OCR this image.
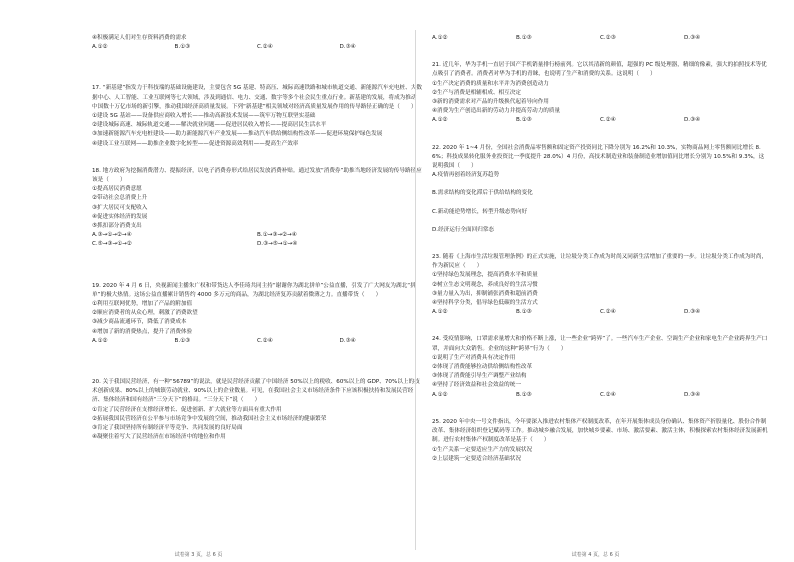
④积极满足人们对生存资料消费的需求

A.①②	B.①③	C.②④	D.③④

17. “新基建”指发力于科技端的基础设施建设，主要包含 5G 基建、特高压、城际高速铁路和城市轨道交通、新能源汽车充电桩、大数据中心、人工智能、工业互联网等七大领域，涉及到通信、电力、交通、数字等多个社会民生重点行业。新基建的发展，将成为推动中国数十万亿市场的新引擎，推动我国经济高质量发展。下列“新基建”相关领域对经济高质量发展作用的传导路径正确的是（　　）

①建设 5G 基站——设备供应商收入增长——推动高新技术发展——筑牢万物互联坚实基础

②建设城际高速、城际轨道交通——解决就业问题——促进居民收入增长——提高居民生活水平

③加速新能源汽车充电桩建设——助力新能源汽车产业发展——推动汽车供给侧结构性改革——促进环境保护绿色发展

④建设工业互联网——助推企业数字化转型——促进资源高效利用——提高生产效率

18. 地方政府为挖掘消费潜力、提振经济，以电子消费券形式给居民发放消费补贴。通过发放“消费券”助推当地经济发展的传导路径应该是（　　）

①提高居民消费意愿

②带动社会总消费上升

③扩大居民可支配收入

④促进实体经济的发展

⑤抓扣部分消费支出

A.③→①→②→④	B.①→③→②→④
C.⑤→③→①→②	D.③→⑤→①→④

19. 2020 年 4 月 6 日，央视新闻主播朱广权和带货达人李佳琦共同主持“谢谢你为湖北拼单”公益直播，引发了广大网友为湖北“拼单”的极大热情。这场公益直播累计销售约 4000 多万元的商品，为湖北经济复苏贡献着微薄之力。直播带货（　　）

①利用互联网优势，增加了产品的附加值

②顺应消费者的从众心理，刺激了消费欲望

③减少商品流通环节，降低了消费成本

④增加了新的消费热点，提升了消费体验

A.①②	B.①③	C.②④	D.③④

20. 关于我国民营经济，有一种“56789”的说法，就是民营经济贡献了中国经济 50%以上的税收、60%以上的 GDP、70%以上的技术创新成果、80%以上的城镇劳动就业、90%以上的企业数量。可见，在我国社会主义市场经济条件下应该积极扶持和发展民营经济、集体经济和国有经济“三分天下”的格局。“三分天下”说（　　）

①肯定了民营经济在支撑经济增长、促进创新、扩大就业等方面具有重大作用

②拓展我国民营经济在公平参与市场竞争中发展的空间，推动我国社会主义市场经济的健康繁荣

③肯定了我国坚持所有制经济平等竞争、共同发展的良好局面

④凝聚住着写大了民营经济在市场经济中的地位和作用

A.①②	B.①③	C.②③	D.③④

21. 近几年，华为手机一直居于国产手机销量排行榜前列。它以其清新的颜值，超强的 PC 级处理器，精细的像素，强大的拍照技术等优点吸引了消费者。消费者对华为手机的青睐，也说明了生产和消费的关系。这说明（　　）

①生产决定消费的质量和水平并为消费创造动力

②生产与消费是相辅相成、相互决定

③新的消费需求对产品的升级换代起着导向作用

④消费为生产创造出新的劳动力并提高劳动力的质量

A.①②	B.①③	C.②④	D.③④

22. 2020 年 1~4 月份，全国社会消费品零售额和固定资产投资同比下降分别为 16.2%和 10.3%，实物商品网上零售额同比增长 8.6%；科技成果转化服务业投资比一季度提升 28.0%）4 月份，高技术制造业和装备制造业增加值同比增长分别为 10.5%和 9.3%，这说明我国（　　）

A.疫情再创着经济复苏趋势

B.需求结构的变化滞后于供给结构的变化

C.新动能逆势增长，转型升级态势向好

D.经济运行全面回归常态

23. 随着《上海市生活垃圾管理条例》的正式实施，让垃圾分类工作成为时尚又同新生活增加了重要的一步。让垃圾分类工作成为时尚，作为新民应（　　）

①坚持绿色发展理念，提高消费水平和质量

②树立生态文明观念，养成良好的生活习惯

③量力量入为出，抑制铺张消费和超前消费

④坚持科学分类，倡导绿色低碳的生活方式

A.①②	B.①③	C.②④	D.③④

24. 受疫情影响，口罩需求量增大和价格不断上涨，让一些企业“跨界”了。一些汽车生产企业、空调生产企业和家电生产企业跨界生产口罩，并面向大众销售。企业的这种“跨界”行为（　　）

①说明了生产对消费具有决定作用

②体现了消费能够拉动供给侧结构性改革

③体现了消费能引导生产调整产业结构

④坚持了经济效益和社会效益的统一

A.①②	B.①③	C.②④	D.③④

25. 2020 年中央一号文件指出，今年要深入推进农村集体产权制度改革，在年开展集体成员身份确认、集体资产折股量化、股份合作制改革、集体经济组织登记赋码等工作。推动城乡融合发展，加快城乡要素、市场、激活要素、激活主体，积极探索农村集体经济发展新机制。进行农村集体产权制度改革是基于（　　）

①生产关系一定要适应生产力的发展状况

②上层建筑一定要适合经济基础状况

试卷第 3 页，总 6 页	试卷第 4 页，总 6 页
